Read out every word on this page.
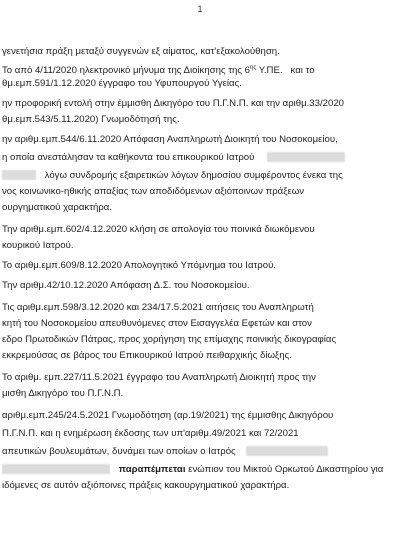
1
γενετήσια πράξη μεταξύ συγγενών εξ αίματος, κατ'εξακολούθηση.
Το από 4/11/2020 ηλεκτρονικό μήνυμα της Διοίκησης της $6^{\eta\varsigma}$ Υ.ΠΕ.   και το
θμ.εμπ.591/1.12.2020 έγγραφο του Υφυπουργού Υγείας.
ην προφορική εντολή στην έμμισθη Δικηγόρο του Π.Γ.Ν.Π. και την αριθμ.33/2020
θμ.εμπ.543/5.11.2020) Γνωμοδότησή της.
ην αριθμ.εμπ.544/6.11.2020 Απόφαση Αναπληρωτή Διοικητή του Νοσοκομείου,
η οποία ανεστάλησαν τα καθήκοντα του επικουρικού Ιατρού
λόγω συνδρομής εξαιρετικών λόγων δημοσίου συμφέροντος ένεκα της
νος κοινωνικο-ηθικής απαξίας των αποδιδόμενων αξιόποινων πράξεων
ουργηματικού χαρακτήρα.
Την αριθμ.εμπ.602/4.12.2020 κλήση σε απολογία του ποινικά διωκόμενου
κουρικού Ιατρού.
Το αριθμ.εμπ.609/8.12.2020 Απολογητικό Υπόμνημα του Ιατρού.
Την αριθμ.42/10.12.2020 Απόφαση Δ.Σ. του Νοσοκομείου.
Τις αριθμ.εμπ.598/3.12.2020 και 234/17.5.2021 αιτήσεις του Αναπληρωτή
κητή του Νοσοκομείου απευθυνόμενες στον Εισαγγελέα Εφετών και στον
εδρο Πρωτοδικών Πάτρας, προς χορήγηση της επίμαχης ποινικής δικογραφίας
εκκρεμούσας σε βάρος του Επικουρικού Ιατρού πειθαρχικής δίωξης.
Το αριθμ. εμπ.227/11.5.2021 έγγραφο του Αναπληρωτή Διοικητή προς την
μισθη Δικηγόρο του Π.Γ.Ν.Π.
αριθμ.εμπ.245/24.5.2021 Γνωμοδότηση (αρ.19/2021) της έμμισθης Δικηγόρου
Π.Γ.Ν.Π. και η ενημέρωση έκδοσης των υπ'αριθμ.49/2021 και 72/2021
απευτικών βουλευμάτων, δυνάμει των οποίων ο Ιατρός
παραπέμπεται ενώπιον του Μικτού Ορκωτού Δικαστηρίου για
ιδόμενες σε αυτόν αξιόποινες πράξεις κακουργηματικού χαρακτήρα.
